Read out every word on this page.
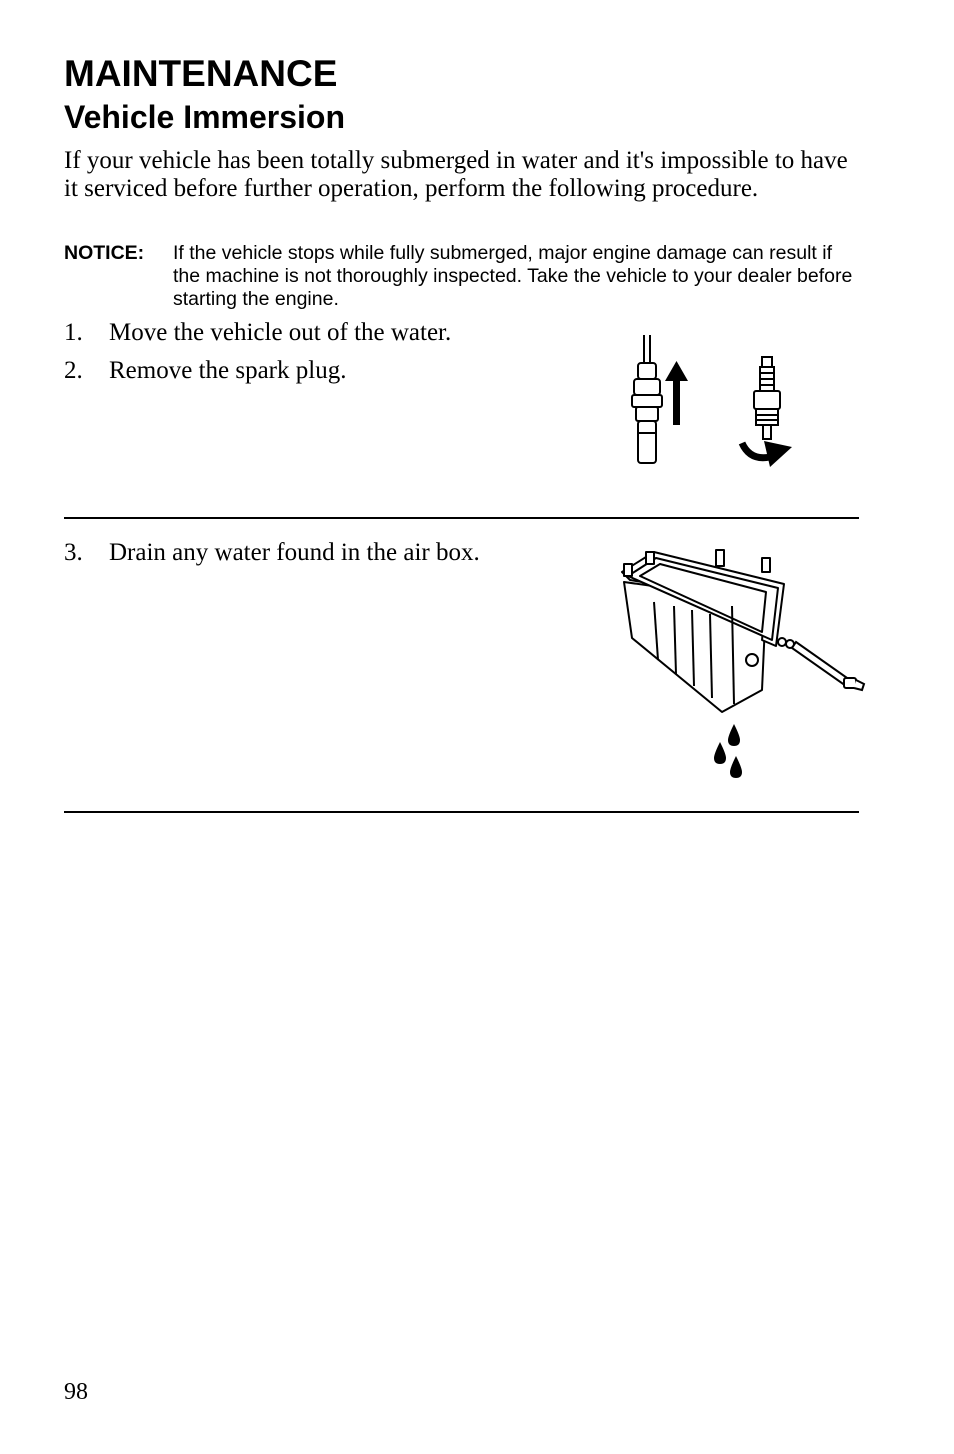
MAINTENANCE
Vehicle Immersion

If your vehicle has been totally submerged in water and it's impossible to have it serviced before further operation, perform the following procedure.

NOTICE: If the vehicle stops while fully submerged, major engine damage can result if the machine is not thoroughly inspected. Take the vehicle to your dealer before starting the engine.
1. Move the vehicle out of the water.
2. Remove the spark plug.
3. Drain any water found in the air box.
98
